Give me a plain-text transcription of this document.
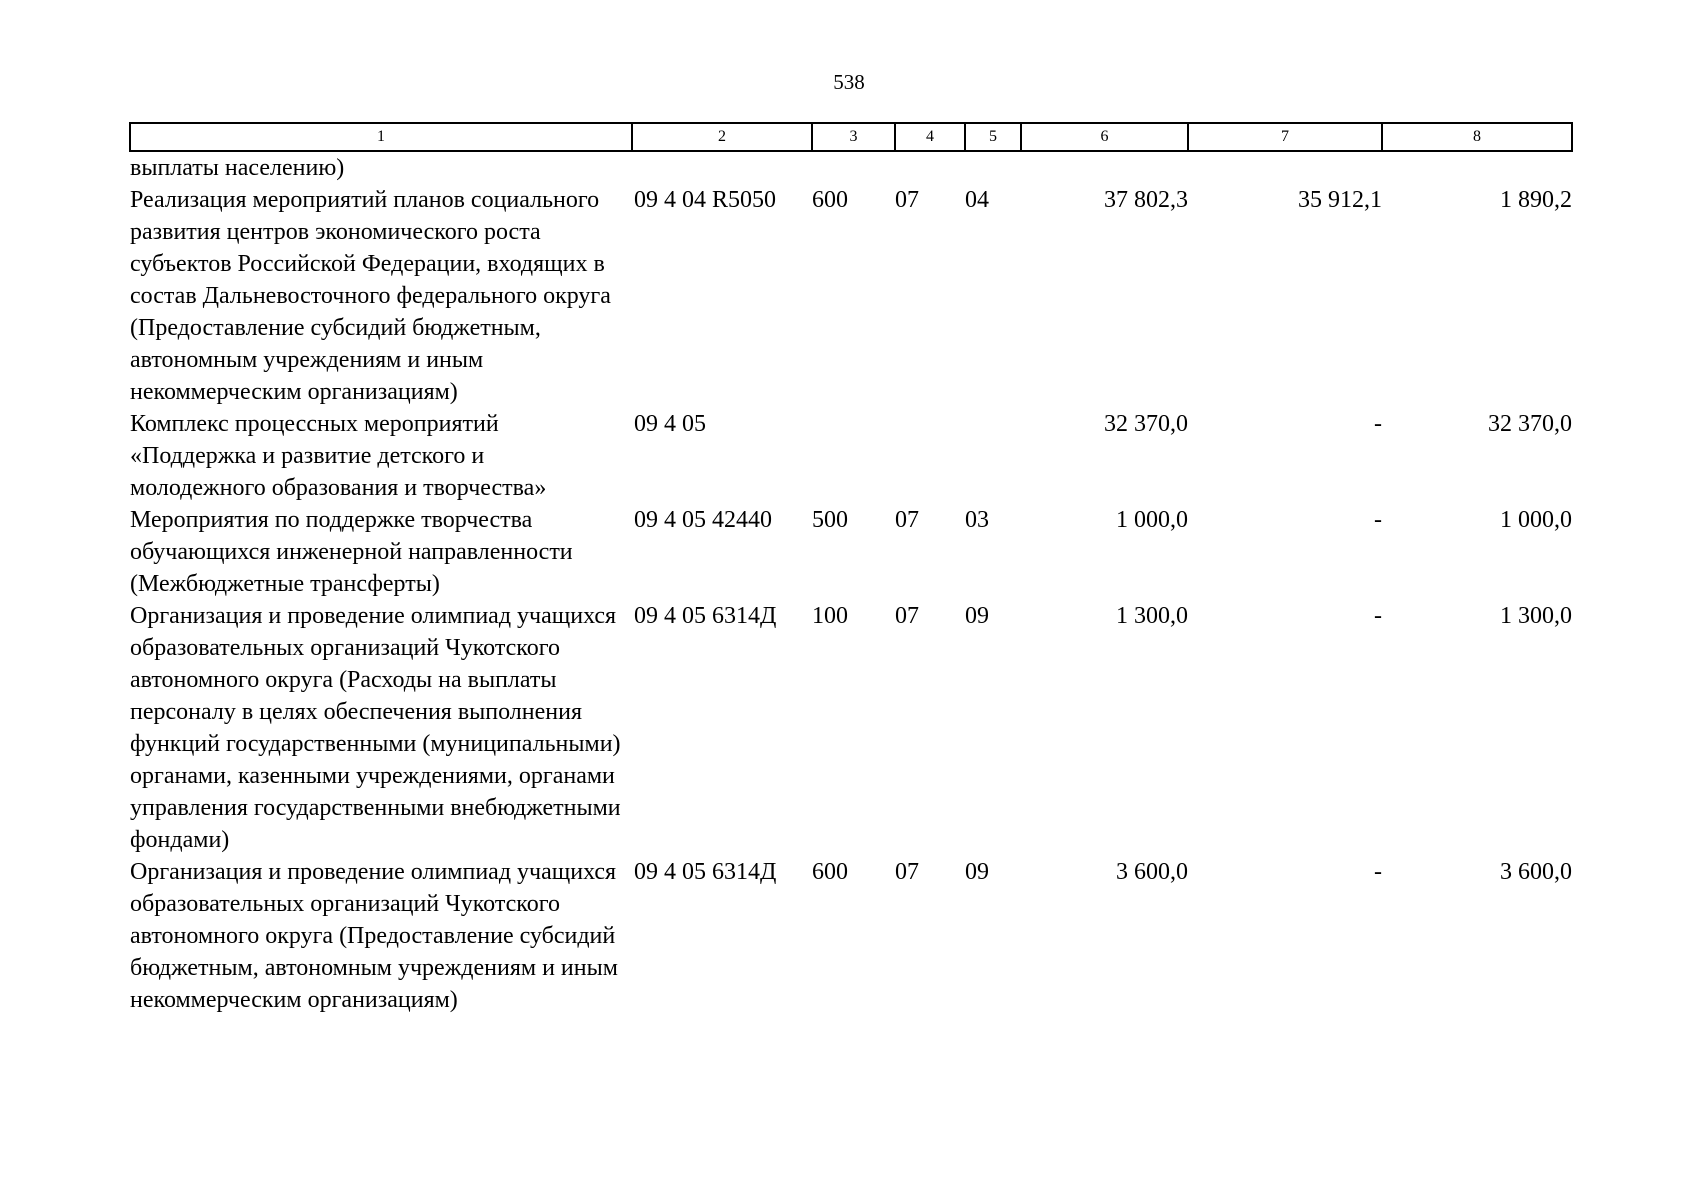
538
1	2	3	4	5	6	7	8
выплаты населению)							
Реализация мероприятий планов социального развития центров экономического роста субъектов Российской Федерации, входящих в состав Дальневосточного федерального округа (Предоставление субсидий бюджетным, автономным учреждениям и иным некоммерческим организациям)	09 4 04 R5050	600	07	04	37 802,3	35 912,1	1 890,2
Комплекс процессных мероприятий «Поддержка и развитие детского и молодежного образования и творчества»	09 4 05				32 370,0	-	32 370,0
Мероприятия по поддержке творчества обучающихся инженерной направленности (Межбюджетные трансферты)	09 4 05 42440	500	07	03	1 000,0	-	1 000,0
Организация и проведение олимпиад учащихся образовательных организаций Чукотского автономного округа (Расходы на выплаты персоналу в целях обеспечения выполнения функций государственными (муниципальными) органами, казенными учреждениями, органами управления государственными внебюджетными фондами)	09 4 05 6314Д	100	07	09	1 300,0	-	1 300,0
Организация и проведение олимпиад учащихся образовательных организаций Чукотского автономного округа (Предоставление субсидий бюджетным, автономным учреждениям и иным некоммерческим организациям)	09 4 05 6314Д	600	07	09	3 600,0	-	3 600,0
